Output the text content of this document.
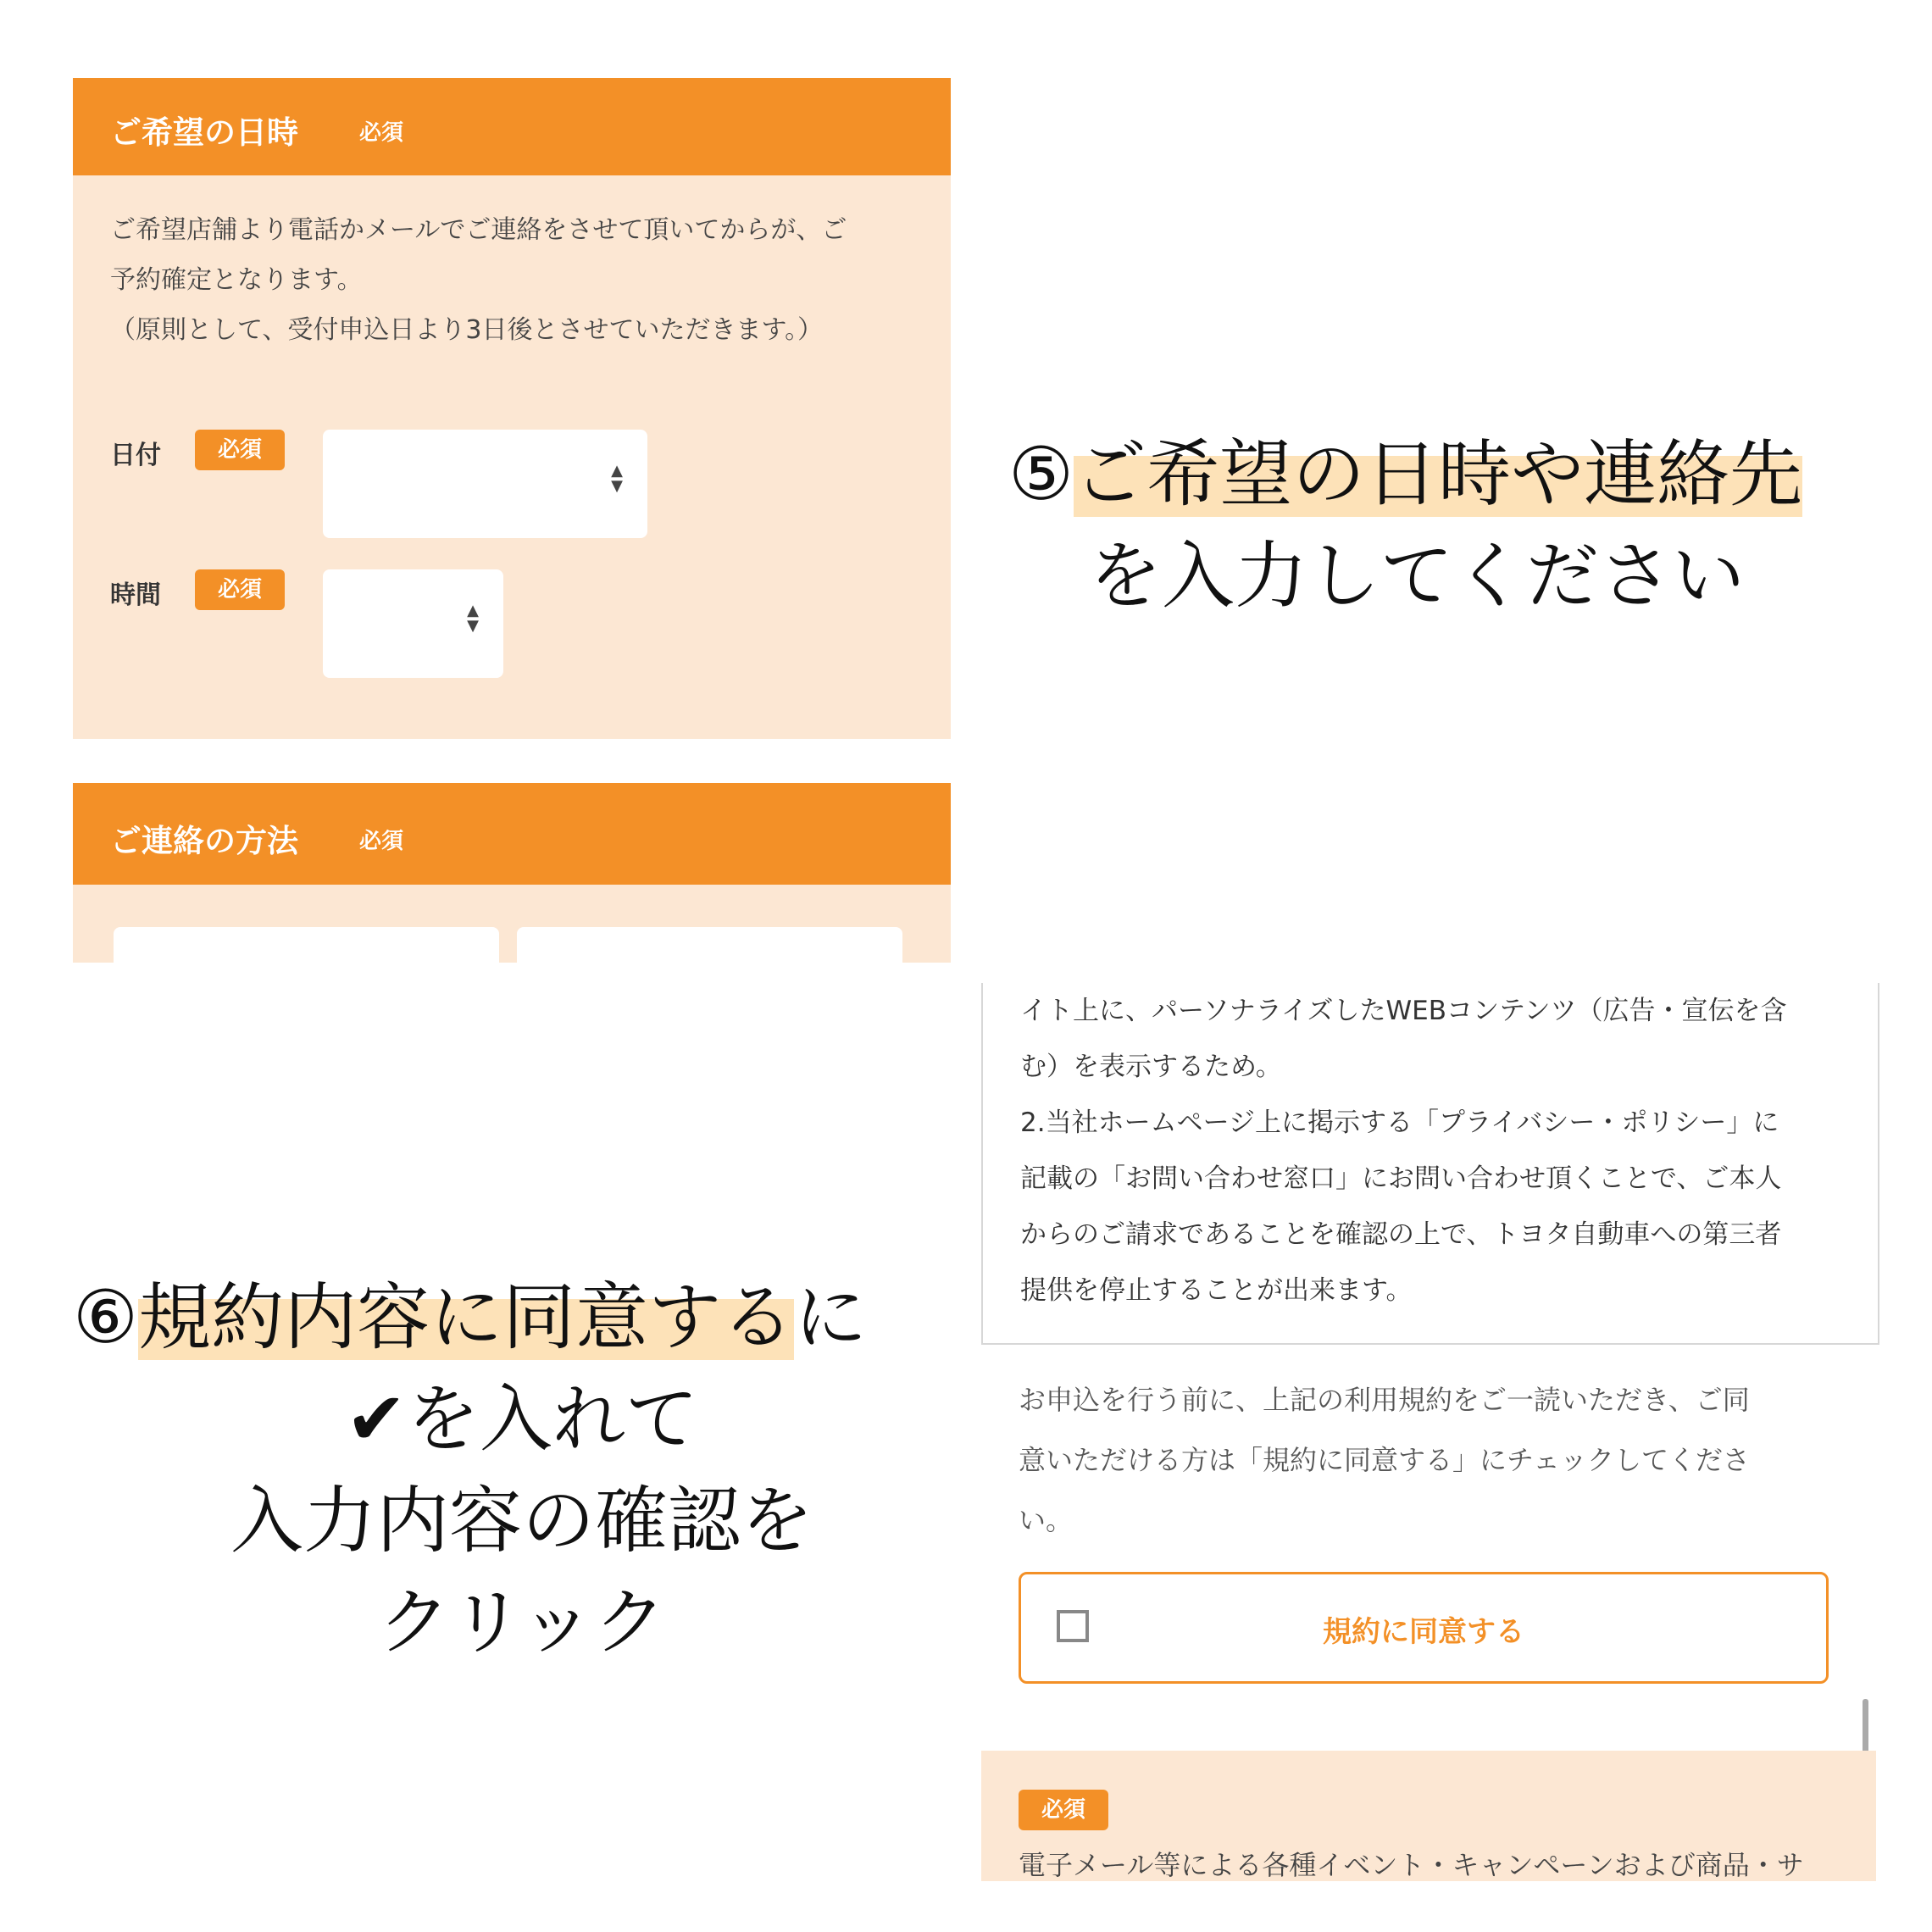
ご希望の日時	必須
ご希望店舗より電話かメールでご連絡をさせて頂いてからが、ご
予約確定となります。
（原則として、受付申込日より3日後とさせていただきます。）
日付	必須
▲
▼
時間	必須
▲
▼
ご連絡の方法	必須
⑤ご希望の日時や連絡先
を入力してください
⑥規約内容に同意するに
✔を入れて
入力内容の確認を
クリック
イト上に、パーソナライズしたWEBコンテンツ（広告・宣伝を含
む）を表示するため。
2.当社ホームページ上に掲示する「プライバシー・ポリシー」に
記載の「お問い合わせ窓口」にお問い合わせ頂くことで、ご本人
からのご請求であることを確認の上で、トヨタ自動車への第三者
提供を停止することが出来ます。
お申込を行う前に、上記の利用規約をご一読いただき、ご同
意いただける方は「規約に同意する」にチェックしてくださ
い。
規約に同意する
必須
電子メール等による各種イベント・キャンペーンおよび商品・サ
